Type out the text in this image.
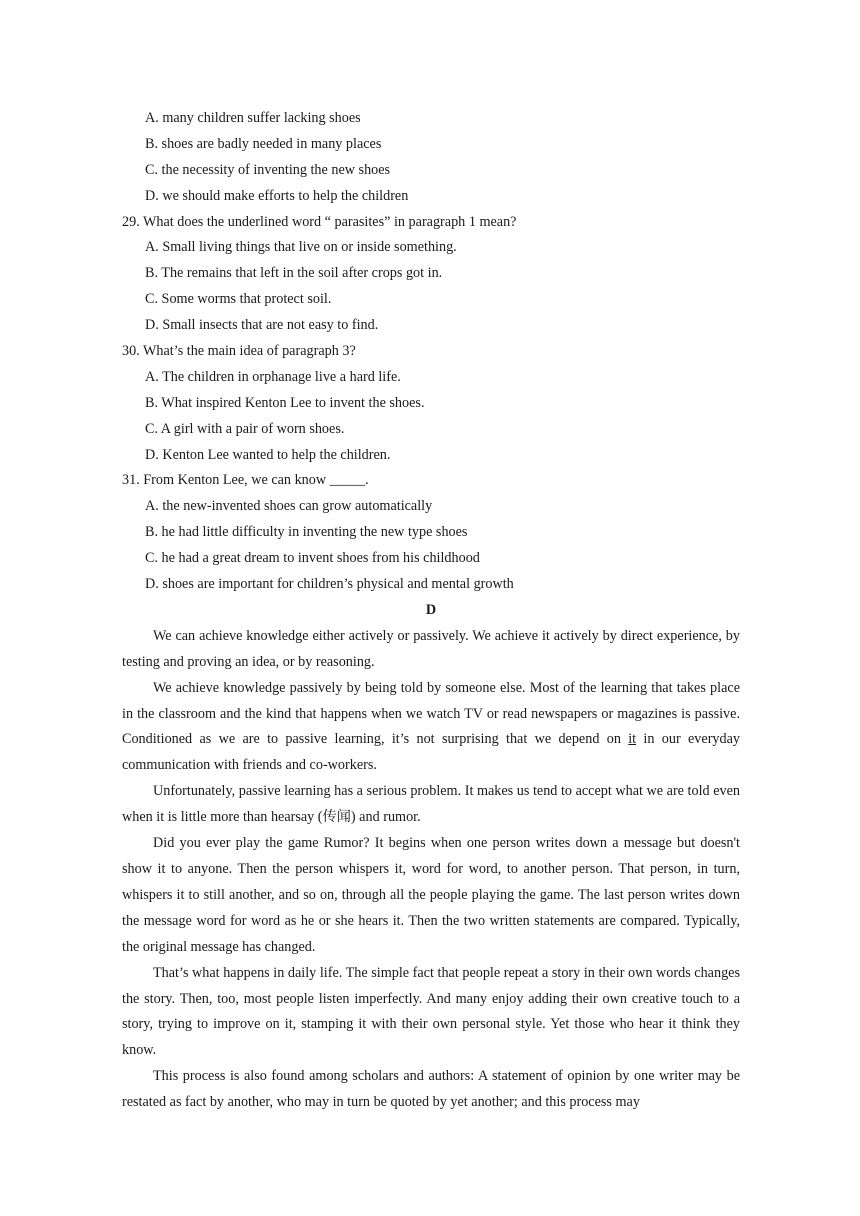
A. many children suffer lacking shoes
B. shoes are badly needed in many places
C. the necessity of inventing the new shoes
D. we should make efforts to help the children
29. What does the underlined word “ parasites” in paragraph 1 mean?
A. Small living things that live on or inside something.
B. The remains that left in the soil after crops got in.
C. Some worms that protect soil.
D. Small insects that are not easy to find.
30. What’s the main idea of paragraph 3?
A. The children in orphanage live a hard life.
B. What inspired Kenton Lee to invent the shoes.
C. A girl with a pair of worn shoes.
D. Kenton Lee wanted to help the children.
31. From Kenton Lee, we can know _____.
A. the new-invented shoes can grow automatically
B. he had little difficulty in inventing the new type shoes
C. he had a great dream to invent shoes from his childhood
D. shoes are important for children’s physical and mental growth
D

We can achieve knowledge either actively or passively. We achieve it actively by direct experience, by testing and proving an idea, or by reasoning.

We achieve knowledge passively by being told by someone else. Most of the learning that takes place in the classroom and the kind that happens when we watch TV or read newspapers or magazines is passive. Conditioned as we are to passive learning, it’s not surprising that we depend on it in our everyday communication with friends and co-workers.

Unfortunately, passive learning has a serious problem. It makes us tend to accept what we are told even when it is little more than hearsay (传闻) and rumor.

Did you ever play the game Rumor? It begins when one person writes down a message but doesn't show it to anyone. Then the person whispers it, word for word, to another person. That person, in turn, whispers it to still another, and so on, through all the people playing the game. The last person writes down the message word for word as he or she hears it. Then the two written statements are compared. Typically, the original message has changed.

That’s what happens in daily life. The simple fact that people repeat a story in their own words changes the story. Then, too, most people listen imperfectly. And many enjoy adding their own creative touch to a story, trying to improve on it, stamping it with their own personal style. Yet those who hear it think they know.

This process is also found among scholars and authors: A statement of opinion by one writer may be restated as fact by another, who may in turn be quoted by yet another; and this process may
